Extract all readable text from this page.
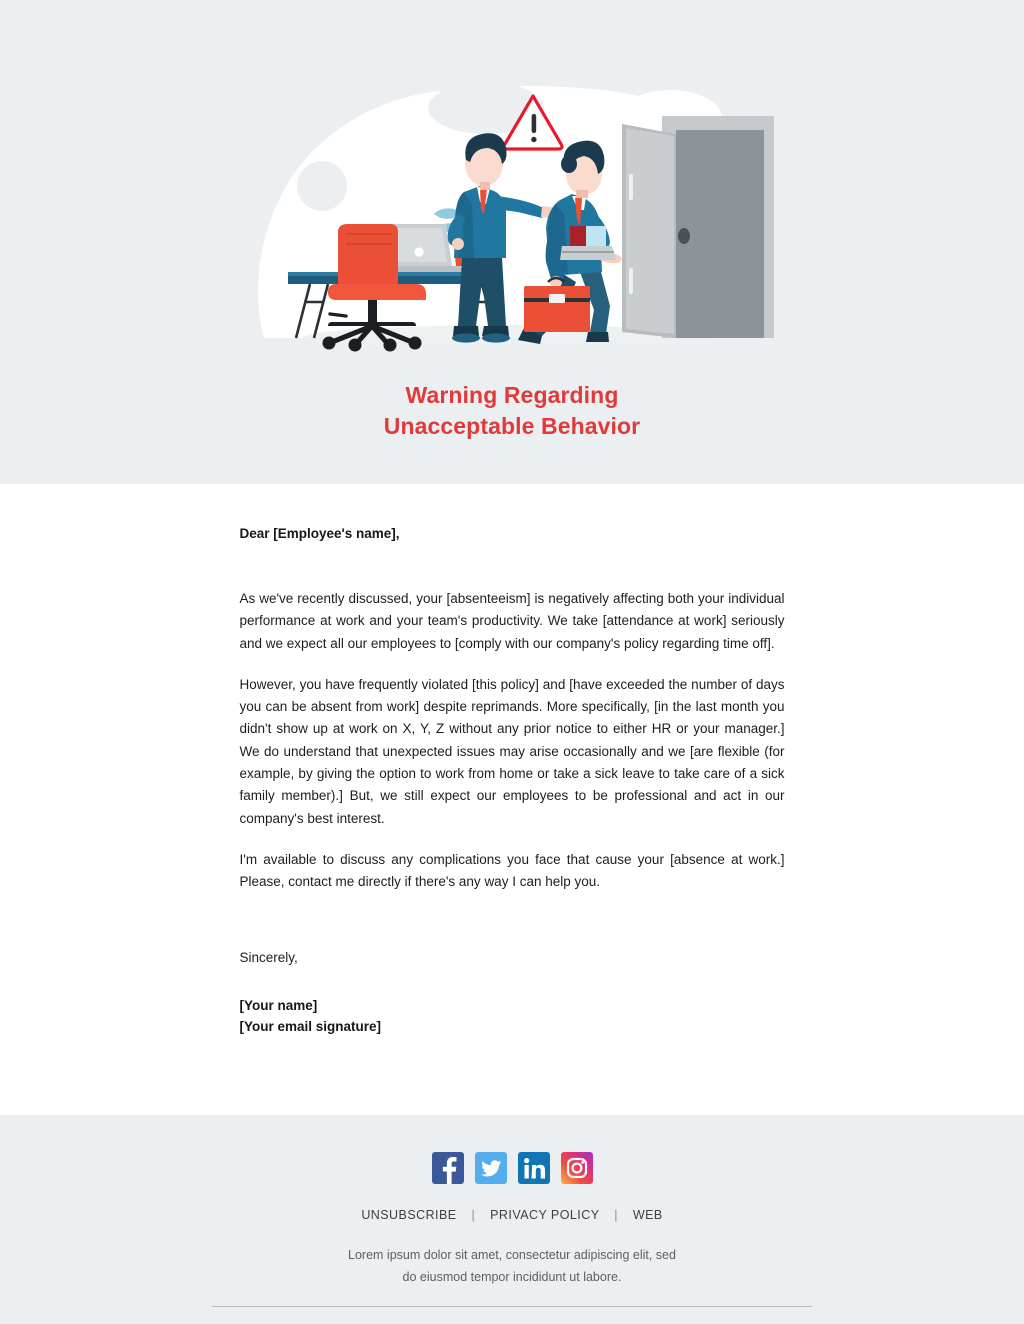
Warning Regarding
Unacceptable Behavior
Dear [Employee's name],

As we've recently discussed, your [absenteeism] is negatively affecting both your individual performance at work and your team's productivity. We take [attendance at work] seriously and we expect all our employees to [comply with our company's policy regarding time off].

However, you have frequently violated [this policy] and [have exceeded the number of days you can be absent from work] despite reprimands. More specifically, [in the last month you didn't show up at work on X, Y, Z without any prior notice to either HR or your manager.] We do understand that unexpected issues may arise occasionally and we [are flexible (for example, by giving the option to work from home or take a sick leave to take care of a sick family member).] But, we still expect our employees to be professional and act in our company's best interest.

I'm available to discuss any complications you face that cause your [absence at work.] Please, contact me directly if there's any way I can help you.

Sincerely,
[Your name]
[Your email signature]
UNSUBSCRIBE | PRIVACY POLICY | WEB
Lorem ipsum dolor sit amet, consectetur adipiscing elit, sed
do eiusmod tempor incididunt ut labore.
